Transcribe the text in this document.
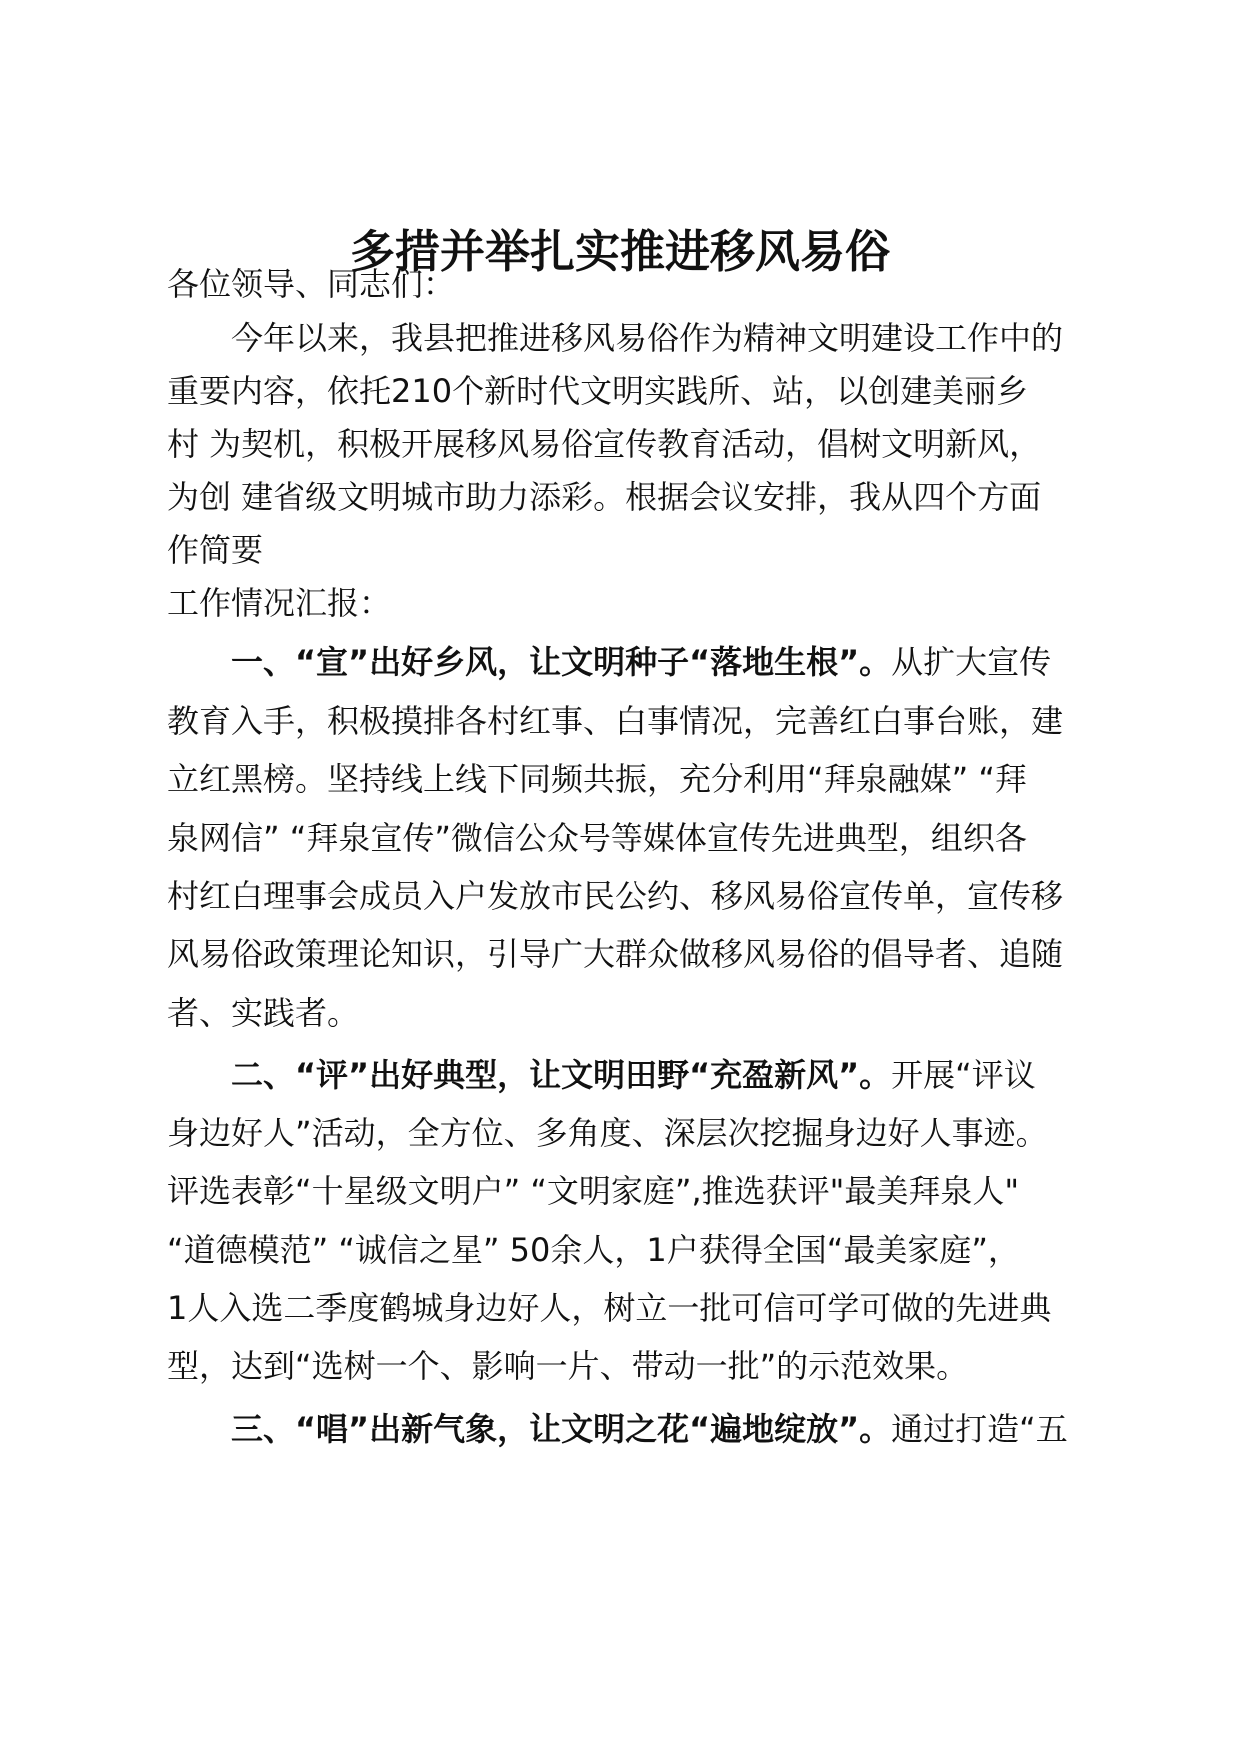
多措并举扎实推进移风易俗
各位领导、同志们：
今年以来，我县把推进移风易俗作为精神文明建设工作中的
重要内容，依托210个新时代文明实践所、站，以创建美丽乡
村 为契机，积极开展移风易俗宣传教育活动，倡树文明新风，
为创 建省级文明城市助力添彩。根据会议安排，我从四个方面
作简要
工作情况汇报：
一、“宣”出好乡风，让文明种子“落地生根”。从扩大宣传
教育入手，积极摸排各村红事、白事情况，完善红白事台账，建
立红黑榜。坚持线上线下同频共振，充分利用“拜泉融媒” “拜
泉网信” “拜泉宣传”微信公众号等媒体宣传先进典型，组织各
村红白理事会成员入户发放市民公约、移风易俗宣传单，宣传移
风易俗政策理论知识，引导广大群众做移风易俗的倡导者、追随
者、实践者。
二、“评”出好典型，让文明田野“充盈新风”。开展“评议
身边好人”活动，全方位、多角度、深层次挖掘身边好人事迹。
评选表彰“十星级文明户” “文明家庭”,推选获评"最美拜泉人"
“道德模范” “诚信之星” 50余人，1户获得全国“最美家庭”，
1人入选二季度鹤城身边好人，树立一批可信可学可做的先进典
型，达到“选树一个、影响一片、带动一批”的示范效果。
三、“唱”出新气象，让文明之花“遍地绽放”。通过打造“五
